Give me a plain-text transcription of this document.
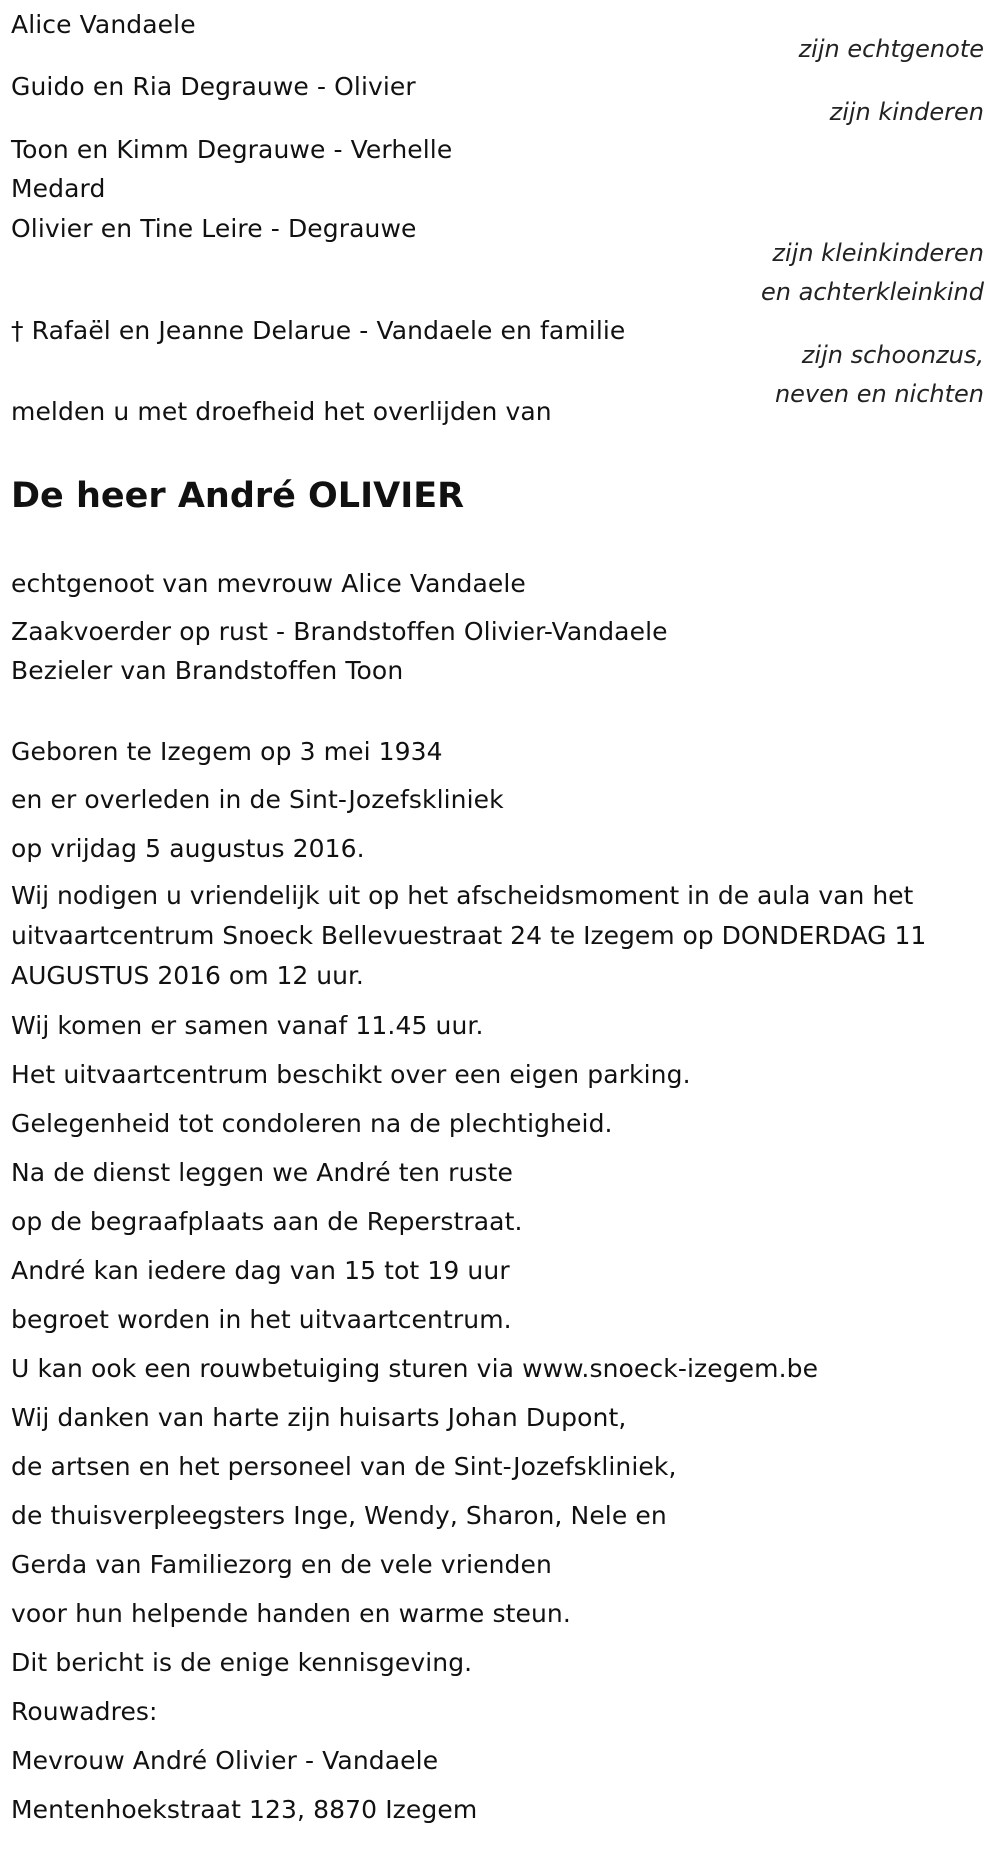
Alice Vandaele
zijn echtgenote
Guido en Ria Degrauwe - Olivier
zijn kinderen
Toon en Kimm Degrauwe - Verhelle
Medard
Olivier en Tine Leire - Degrauwe
zijn kleinkinderen
en achterkleinkind
† Rafaël en Jeanne Delarue - Vandaele en familie
zijn schoonzus,
neven en nichten
melden u met droefheid het overlijden van
De heer André OLIVIER
echtgenoot van mevrouw Alice Vandaele
Zaakvoerder op rust - Brandstoffen Olivier-Vandaele
Bezieler van Brandstoffen Toon
Geboren te Izegem op 3 mei 1934
en er overleden in de Sint-Jozefskliniek
op vrijdag 5 augustus 2016.
Wij nodigen u vriendelijk uit op het afscheidsmoment in de aula van het uitvaartcentrum Snoeck Bellevuestraat 24 te Izegem op DONDERDAG 11 AUGUSTUS 2016 om 12 uur.
Wij komen er samen vanaf 11.45 uur.
Het uitvaartcentrum beschikt over een eigen parking.
Gelegenheid tot condoleren na de plechtigheid.
Na de dienst leggen we André ten ruste
op de begraafplaats aan de Reperstraat.
André kan iedere dag van 15 tot 19 uur
begroet worden in het uitvaartcentrum.
U kan ook een rouwbetuiging sturen via www.snoeck-izegem.be
Wij danken van harte zijn huisarts Johan Dupont,
de artsen en het personeel van de Sint-Jozefskliniek,
de thuisverpleegsters Inge, Wendy, Sharon, Nele en
Gerda van Familiezorg en de vele vrienden
voor hun helpende handen en warme steun.
Dit bericht is de enige kennisgeving.
Rouwadres:
Mevrouw André Olivier - Vandaele
Mentenhoekstraat 123, 8870 Izegem
